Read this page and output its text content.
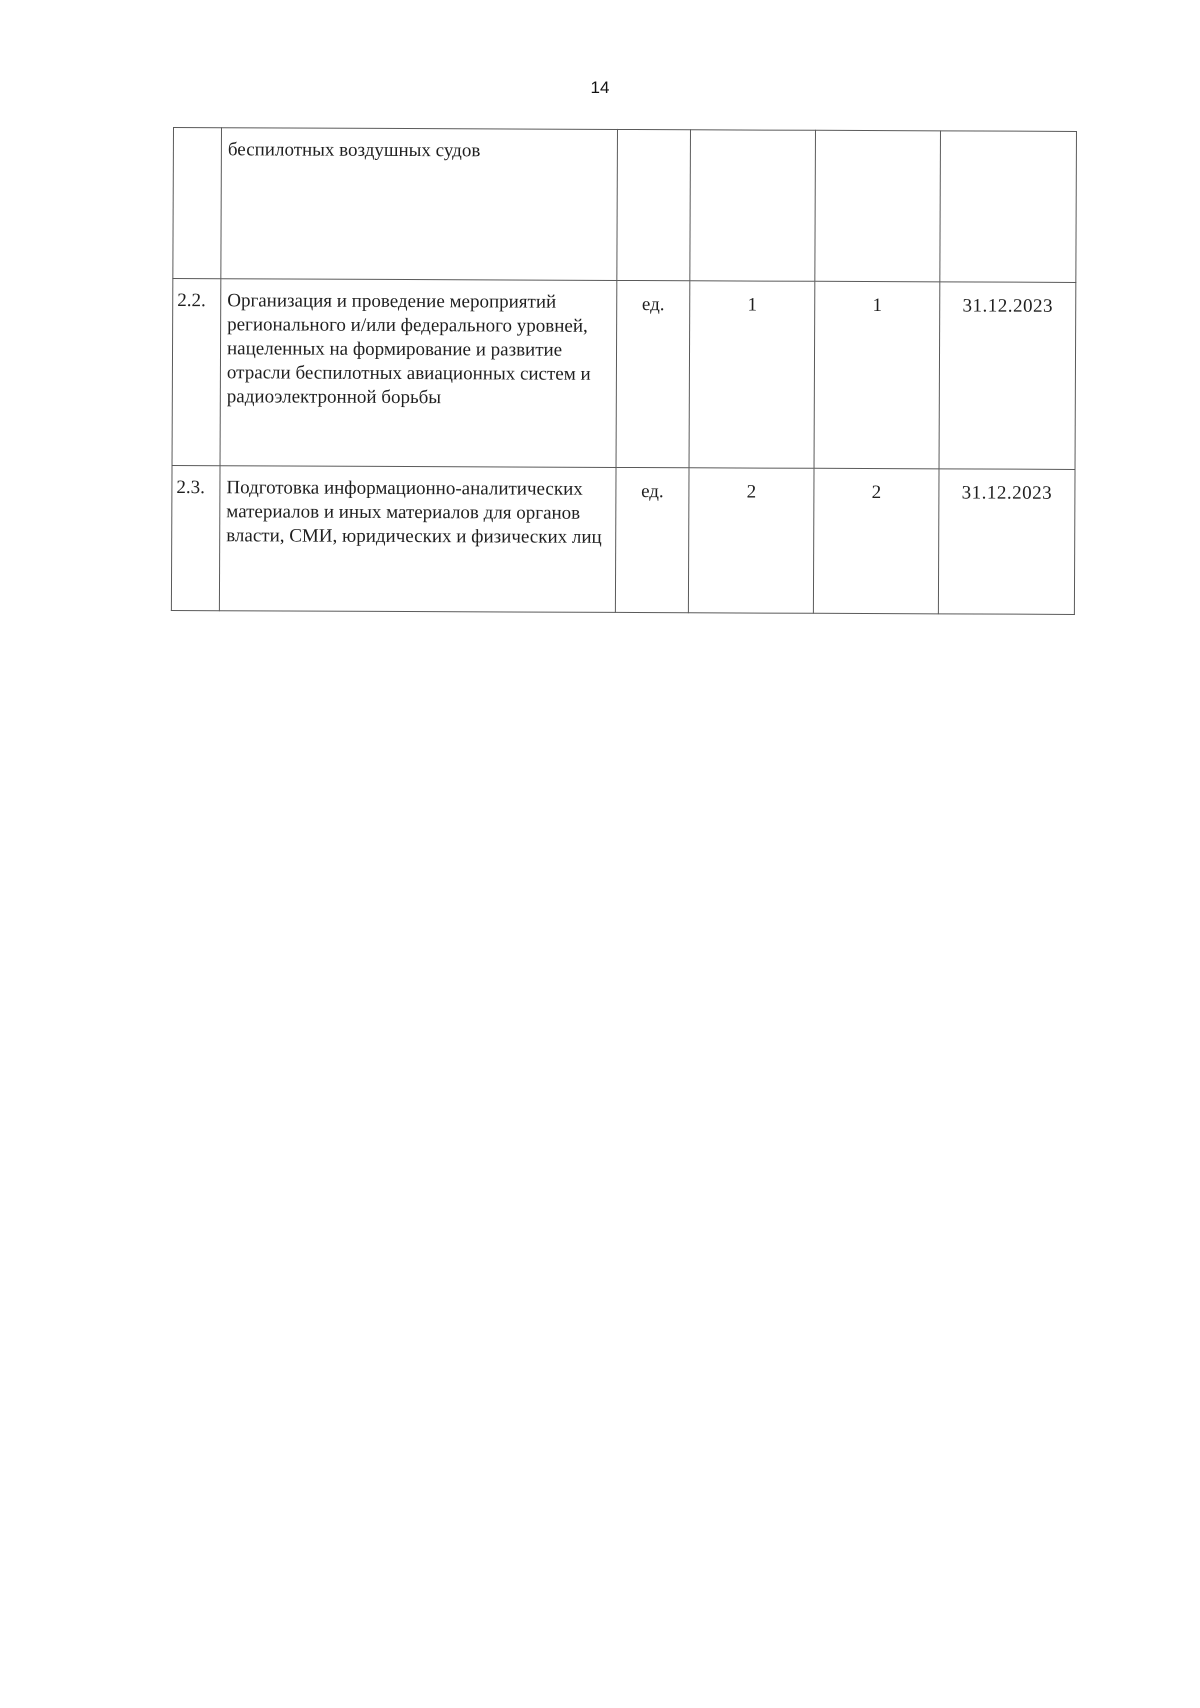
14
	беспилотных воздушных судов				
2.2.	Организация и проведение мероприятий регионального и/или федерального уровней, нацеленных на формирование и развитие отрасли беспилотных авиационных систем и радиоэлектронной борьбы	ед.	1	1	31.12.2023
2.3.	Подготовка информационно-аналитических материалов и иных материалов для органов власти, СМИ, юридических и физических лиц	ед.	2	2	31.12.2023
